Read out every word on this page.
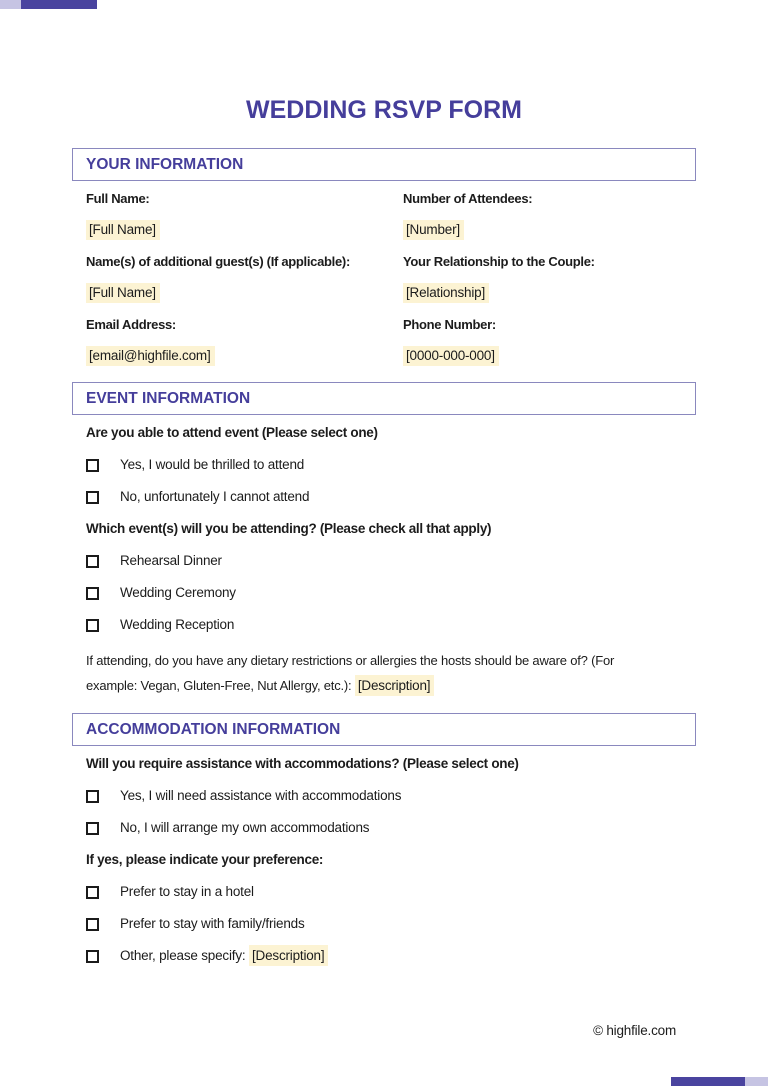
WEDDING RSVP FORM
YOUR INFORMATION
Full Name:
[Full Name]
Number of Attendees:
[Number]
Name(s) of additional guest(s) (If applicable):
[Full Name]
Your Relationship to the Couple:
[Relationship]
Email Address:
[email@highfile.com]
Phone Number:
[0000-000-000]
EVENT INFORMATION
Are you able to attend event (Please select one)
Yes, I would be thrilled to attend
No, unfortunately I cannot attend
Which event(s) will you be attending? (Please check all that apply)
Rehearsal Dinner
Wedding Ceremony
Wedding Reception
If attending, do you have any dietary restrictions or allergies the hosts should be aware of? (For
example: Vegan, Gluten-Free, Nut Allergy, etc.): [Description]
ACCOMMODATION INFORMATION
Will you require assistance with accommodations? (Please select one)
Yes, I will need assistance with accommodations
No, I will arrange my own accommodations
If yes, please indicate your preference:
Prefer to stay in a hotel
Prefer to stay with family/friends
Other, please specify: [Description]
© highfile.com
